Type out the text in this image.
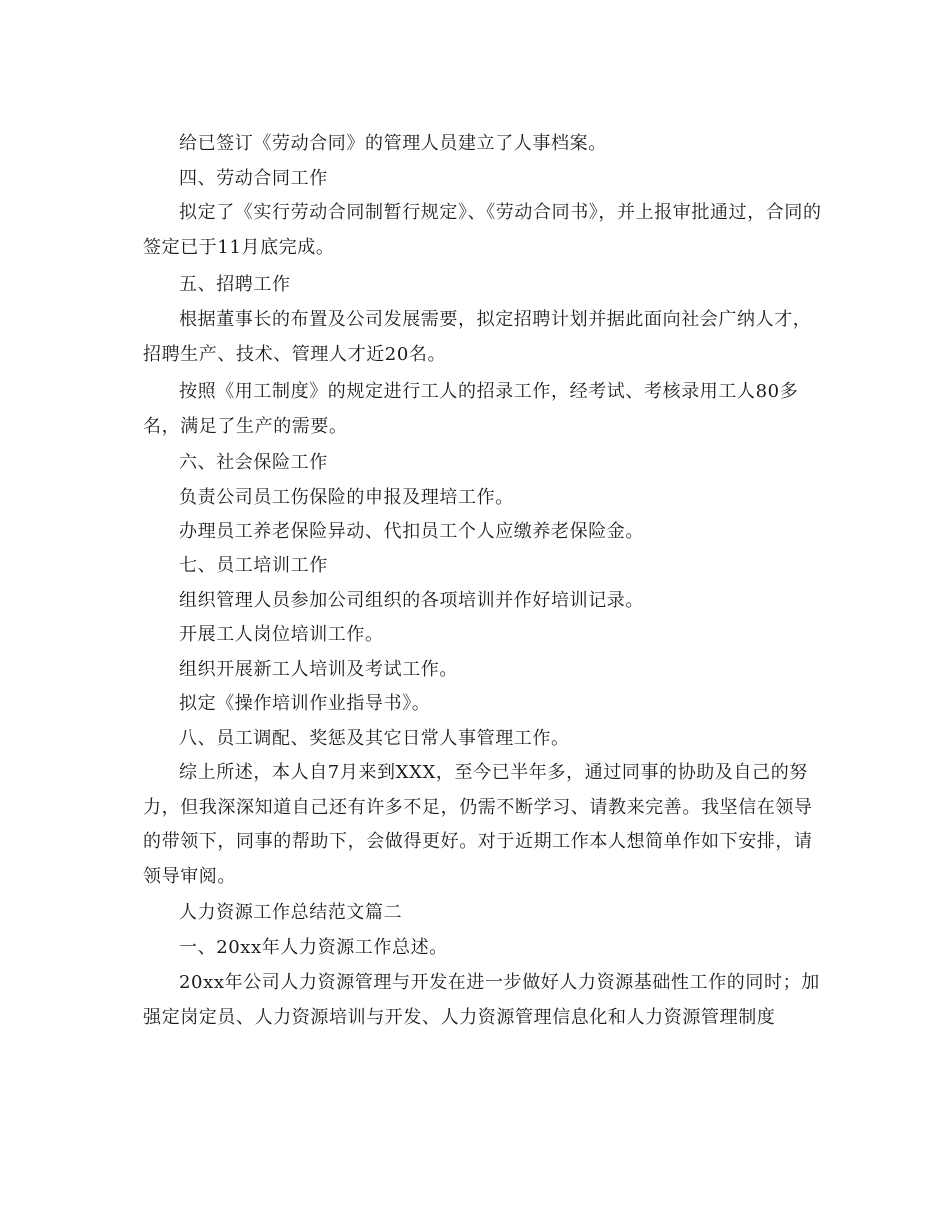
给已签订《劳动合同》的管理人员建立了人事档案。

四、劳动合同工作

拟定了《实行劳动合同制暂行规定》、《劳动合同书》，并上报审批通过，合同的签定已于11月底完成。

五、招聘工作

根据董事长的布置及公司发展需要，拟定招聘计划并据此面向社会广纳人才，招聘生产、技术、管理人才近20名。

按照《用工制度》的规定进行工人的招录工作，经考试、考核录用工人80多名，满足了生产的需要。

六、社会保险工作

负责公司员工伤保险的申报及理培工作。

办理员工养老保险异动、代扣员工个人应缴养老保险金。

七、员工培训工作

组织管理人员参加公司组织的各项培训并作好培训记录。

开展工人岗位培训工作。

组织开展新工人培训及考试工作。

拟定《操作培训作业指导书》。

八、员工调配、奖惩及其它日常人事管理工作。

综上所述，本人自7月来到XXX，至今已半年多，通过同事的协助及自己的努力，但我深深知道自己还有许多不足，仍需不断学习、请教来完善。我坚信在领导的带领下，同事的帮助下，会做得更好。对于近期工作本人想简单作如下安排，请领导审阅。

人力资源工作总结范文篇二

一、20xx年人力资源工作总述。

20xx年公司人力资源管理与开发在进一步做好人力资源基础性工作的同时；加强定岗定员、人力资源培训与开发、人力资源管理信息化和人力资源管理制度
